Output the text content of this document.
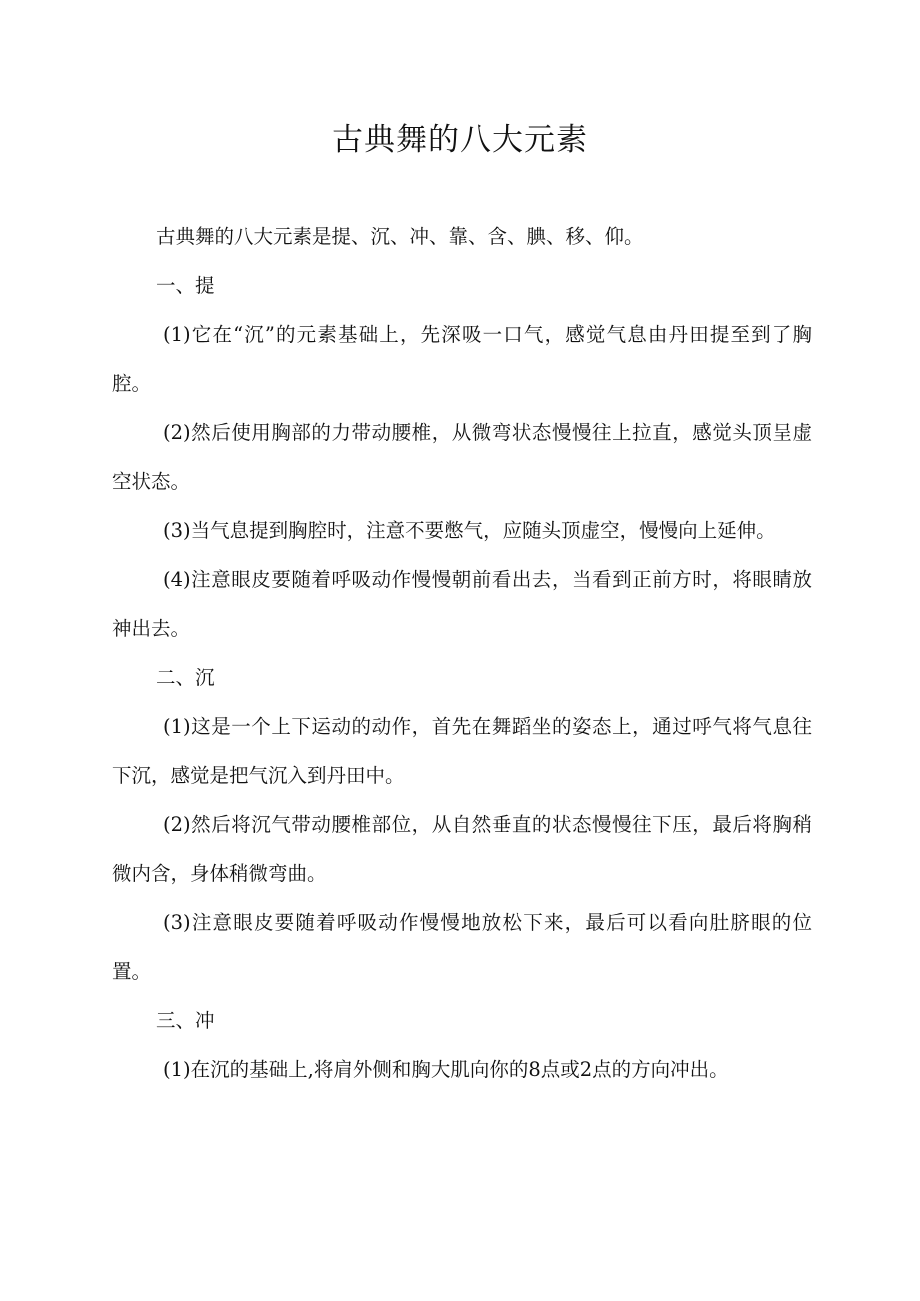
古典舞的八大元素

古典舞的八大元素是提、沉、冲、靠、含、腆、移、仰。

一、提

(1)它在“沉”的元素基础上，先深吸一口气，感觉气息由丹田提至到了胸腔。

(2)然后使用胸部的力带动腰椎，从微弯状态慢慢往上拉直，感觉头顶呈虚空状态。

(3)当气息提到胸腔时，注意不要憋气，应随头顶虚空，慢慢向上延伸。

(4)注意眼皮要随着呼吸动作慢慢朝前看出去，当看到正前方时，将眼睛放神出去。

二、沉

(1)这是一个上下运动的动作，首先在舞蹈坐的姿态上，通过呼气将气息往下沉，感觉是把气沉入到丹田中。

(2)然后将沉气带动腰椎部位，从自然垂直的状态慢慢往下压，最后将胸稍微内含，身体稍微弯曲。

(3)注意眼皮要随着呼吸动作慢慢地放松下来，最后可以看向肚脐眼的位置。

三、冲

(1)在沉的基础上,将肩外侧和胸大肌向你的8点或2点的方向冲出。
